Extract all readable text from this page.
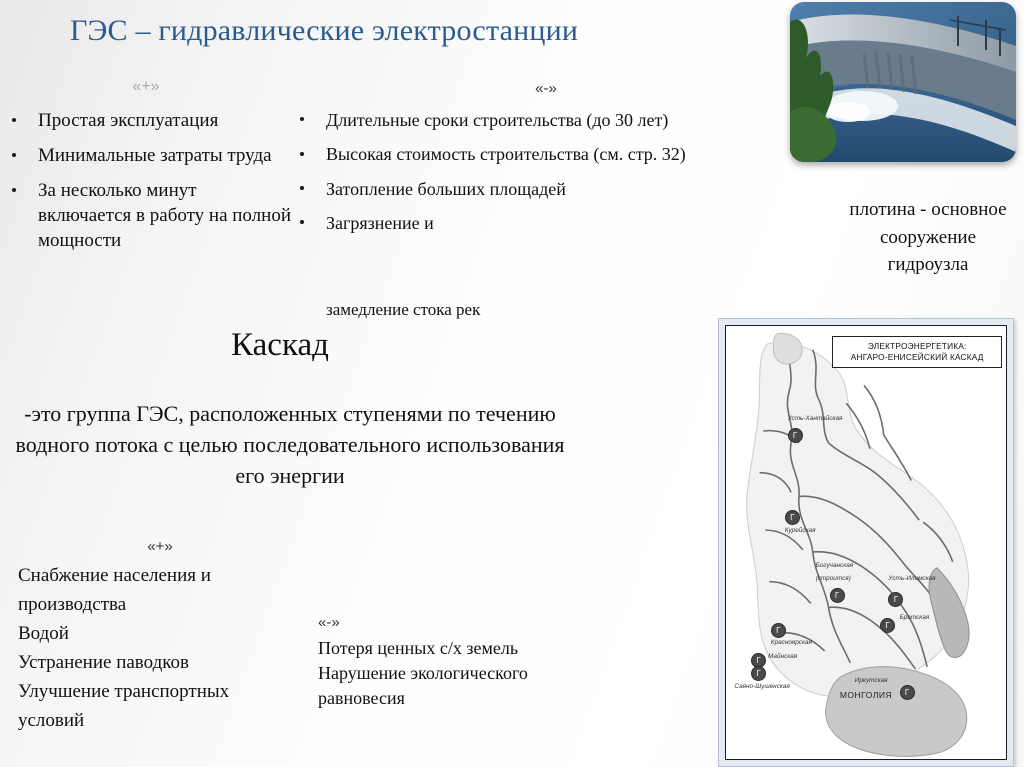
ГЭС – гидравлические электростанции
«+»	«-»
Простая эксплуатация
Минимальные затраты труда
За несколько минут включается в работу на полной мощности
Длительные сроки строительства (до 30 лет)
Высокая стоимость строительства (см. стр. 32)
Затопление больших площадей
Загрязнение и
замедление стока рек
плотина - основное сооружение гидроузла
Каскад
-это группа ГЭС, расположенных ступенями по течению водного потока с целью последовательного использования его энергии
«+»
Снабжение населения и
производства
Водой
Устранение паводков
Улучшение транспортных
условий
«-»
Потеря ценных с/х земель
Нарушение экологического
равновесия
ЭЛЕКТРОЭНЕРГЕТИКА:
АНГАРО-ЕНИСЕЙСКИЙ КАСКАД
Усть-Хантайская
Г
Г
Курейская
Богучанская
(строится)
Г
Усть-Илимская
Г
Братская
Г
Г
Красноярская
Г	Майнская
Г
Саяно-Шушенская
Иркутская
Г
МОНГОЛИЯ
